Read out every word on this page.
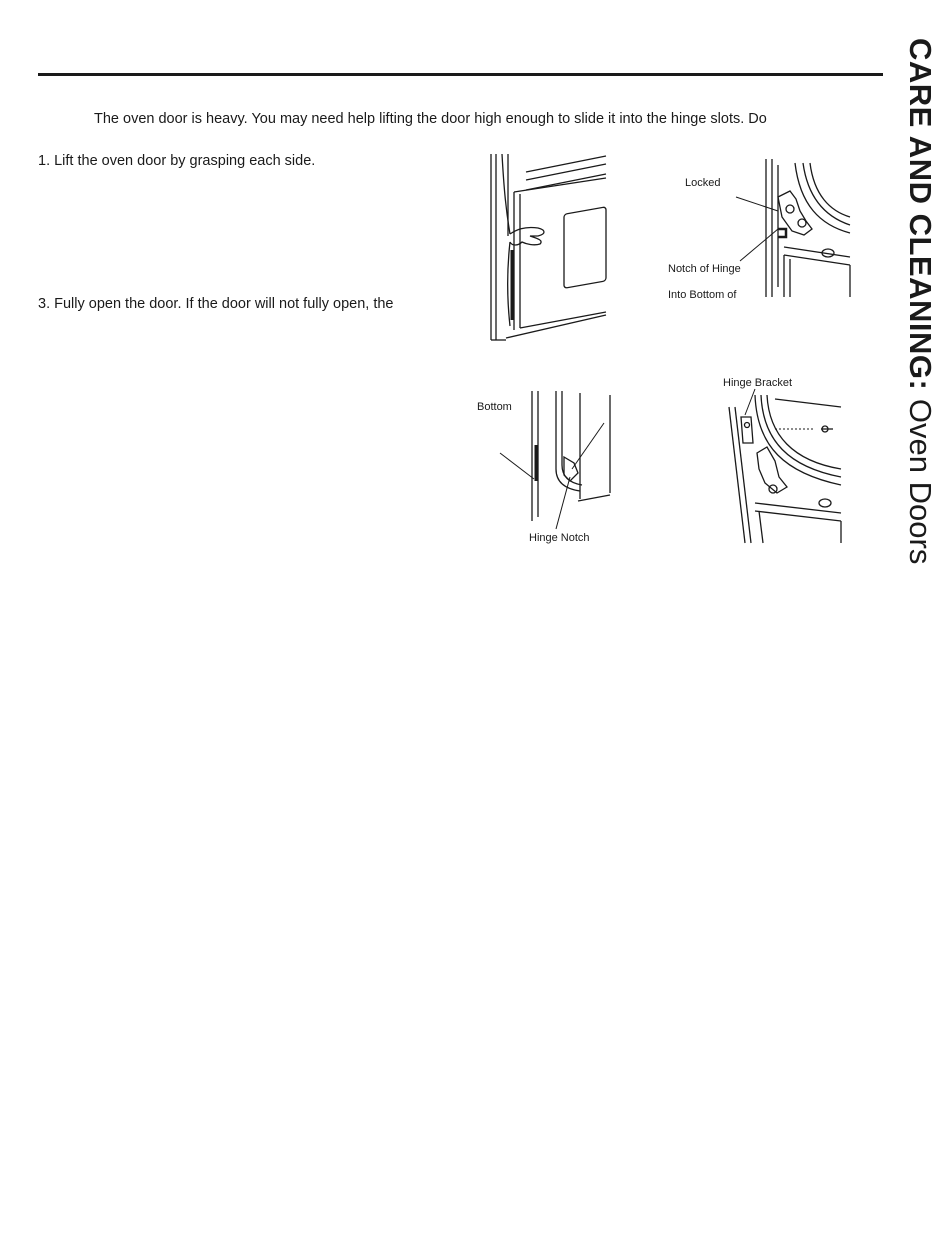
CARE AND CLEANING: Oven Doors
The oven door is heavy. You may need help lifting the door high enough to slide it into the hinge slots. Do
1. Lift the oven door by grasping each side.
3. Fully open the door. If the door will not fully open, the
Locked
Notch of Hinge
Into Bottom of
Bottom
Hinge Notch
Hinge Bracket
